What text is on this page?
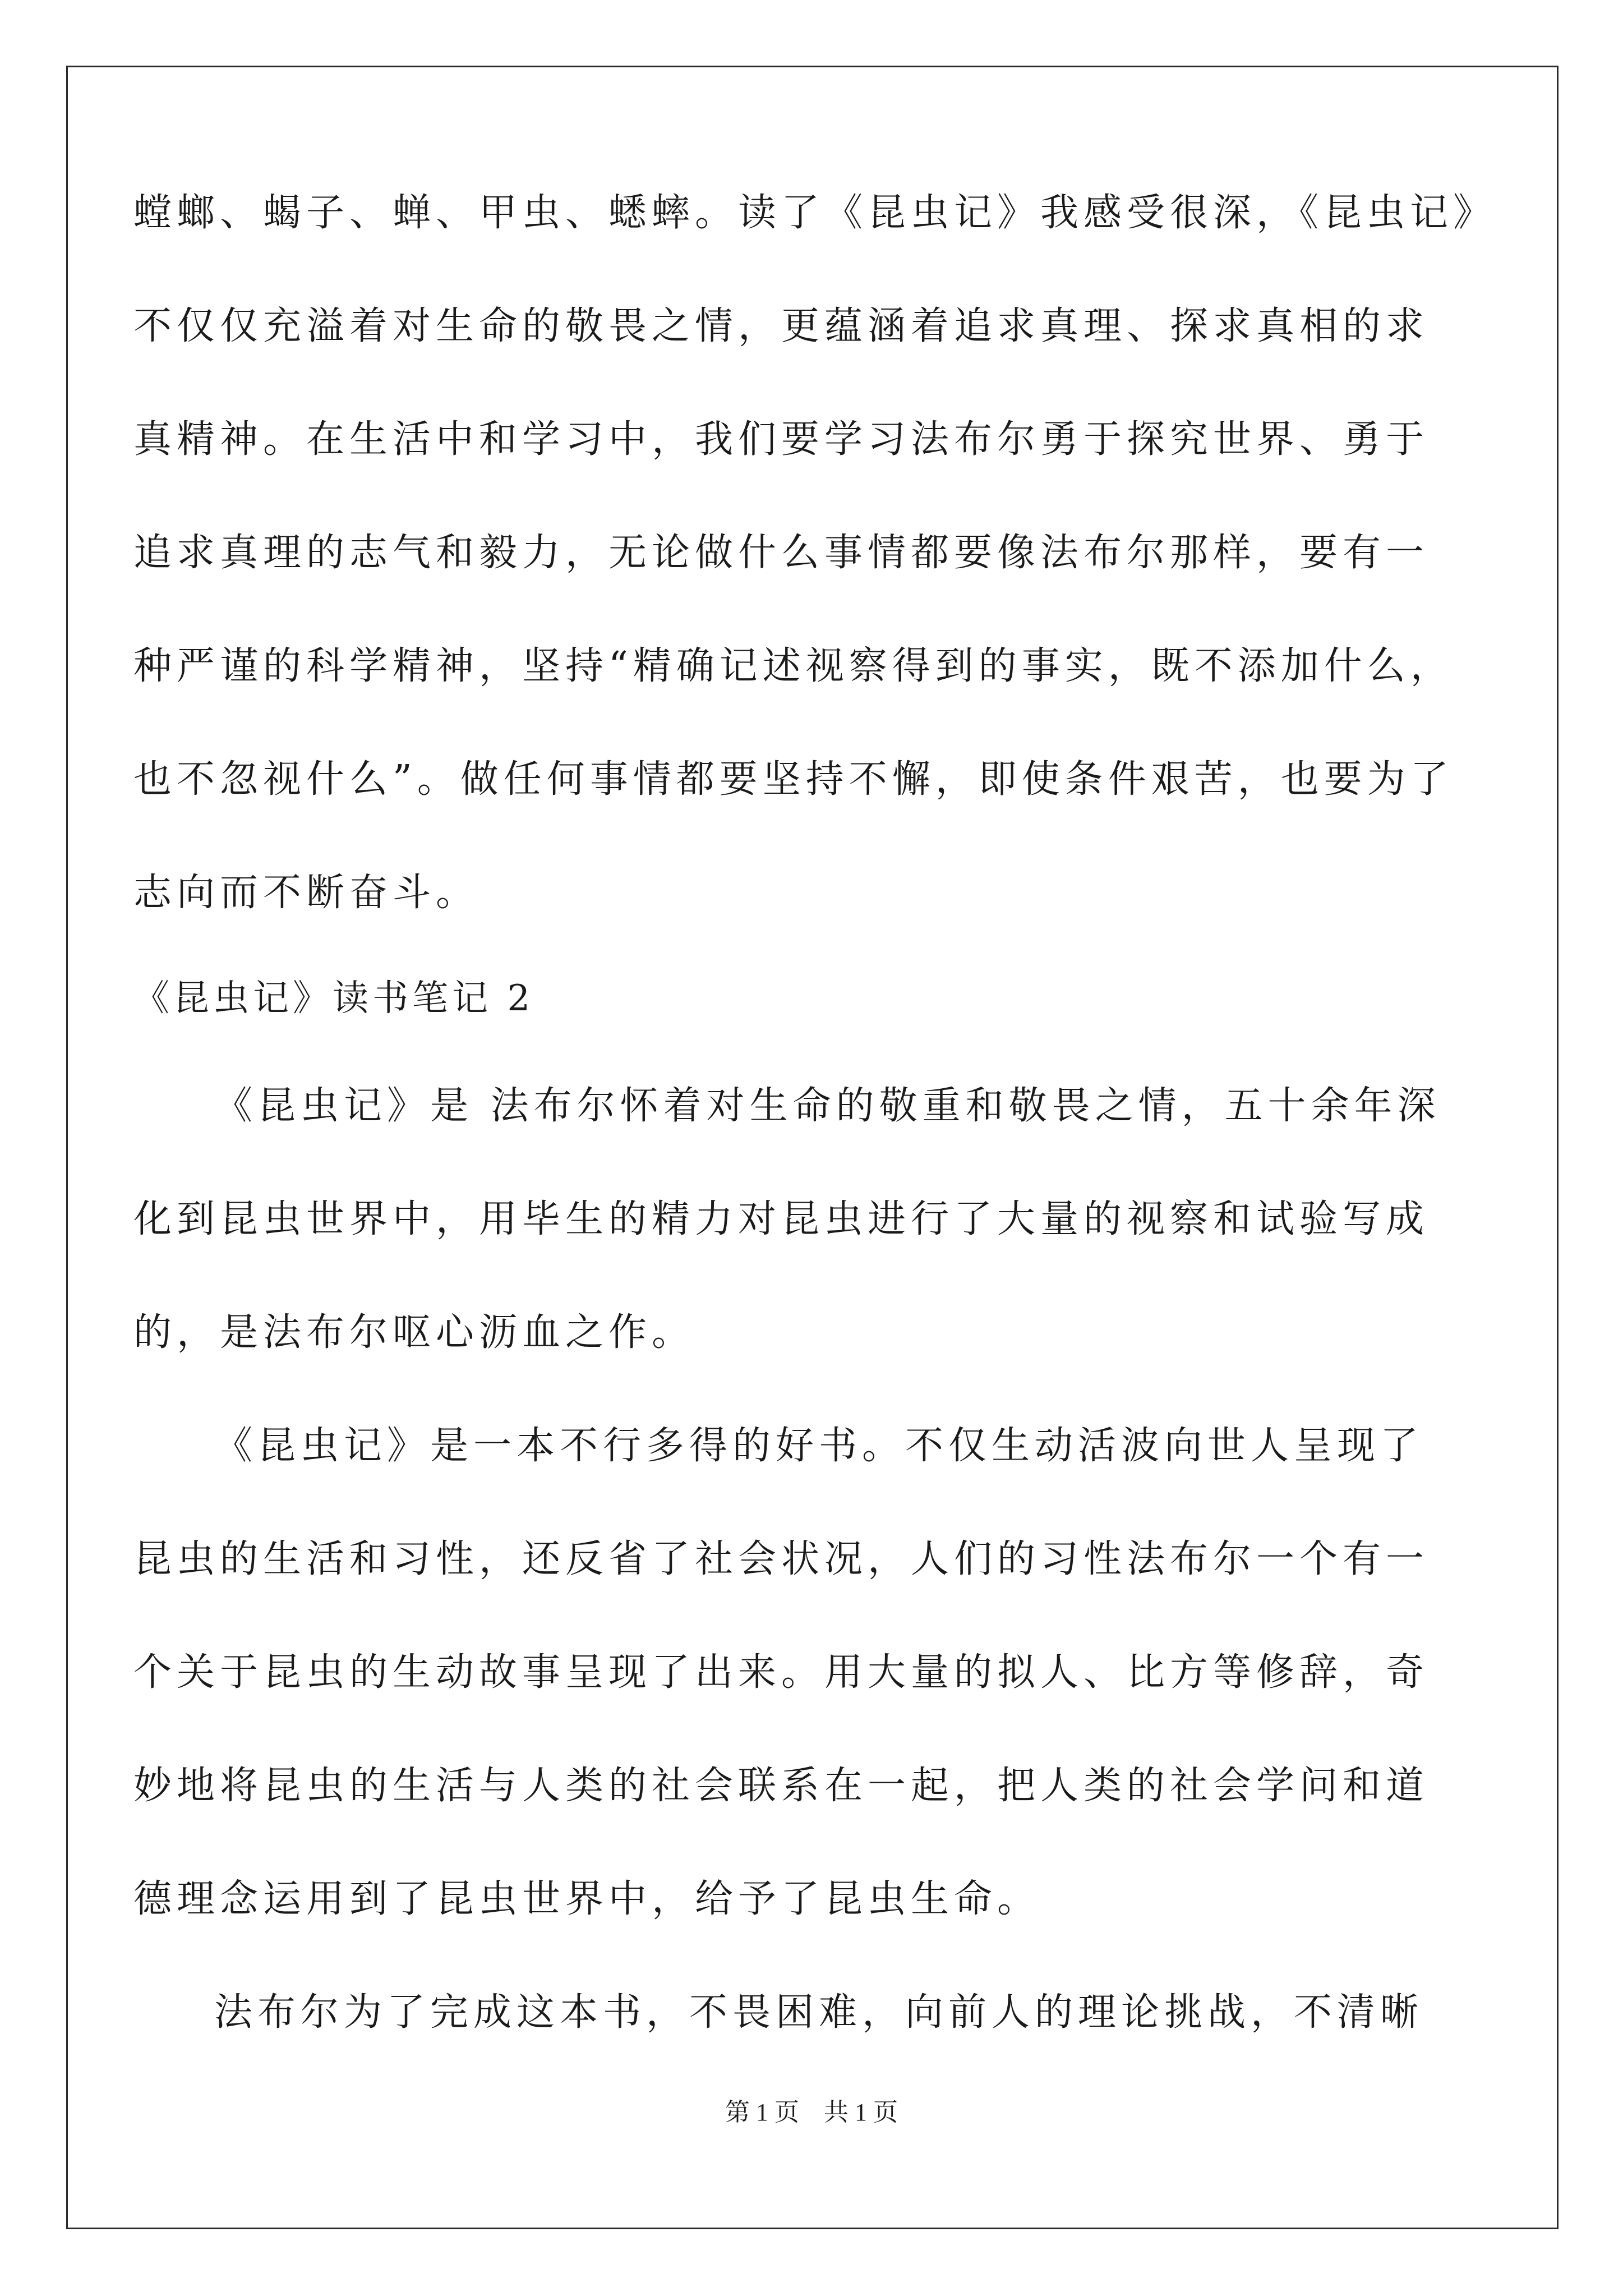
螳螂、蝎子、蝉、甲虫、蟋蟀。读了《昆虫记》我感受很深，《昆虫记》
不仅仅充溢着对生命的敬畏之情，更蕴涵着追求真理、探求真相的求
真精神。在生活中和学习中，我们要学习法布尔勇于探究世界、勇于
追求真理的志气和毅力，无论做什么事情都要像法布尔那样，要有一
种严谨的科学精神，坚持“精确记述视察得到的事实，既不添加什么，
也不忽视什么”。做任何事情都要坚持不懈，即使条件艰苦，也要为了
志向而不断奋斗。
《昆虫记》读书笔记 2
《昆虫记》是 法布尔怀着对生命的敬重和敬畏之情，五十余年深
化到昆虫世界中，用毕生的精力对昆虫进行了大量的视察和试验写成
的，是法布尔呕心沥血之作。
《昆虫记》是一本不行多得的好书。不仅生动活波向世人呈现了
昆虫的生活和习性，还反省了社会状况，人们的习性法布尔一个有一
个关于昆虫的生动故事呈现了出来。用大量的拟人、比方等修辞，奇
妙地将昆虫的生活与人类的社会联系在一起，把人类的社会学问和道
德理念运用到了昆虫世界中，给予了昆虫生命。
法布尔为了完成这本书，不畏困难，向前人的理论挑战，不清晰
第 1 页 共 1 页
